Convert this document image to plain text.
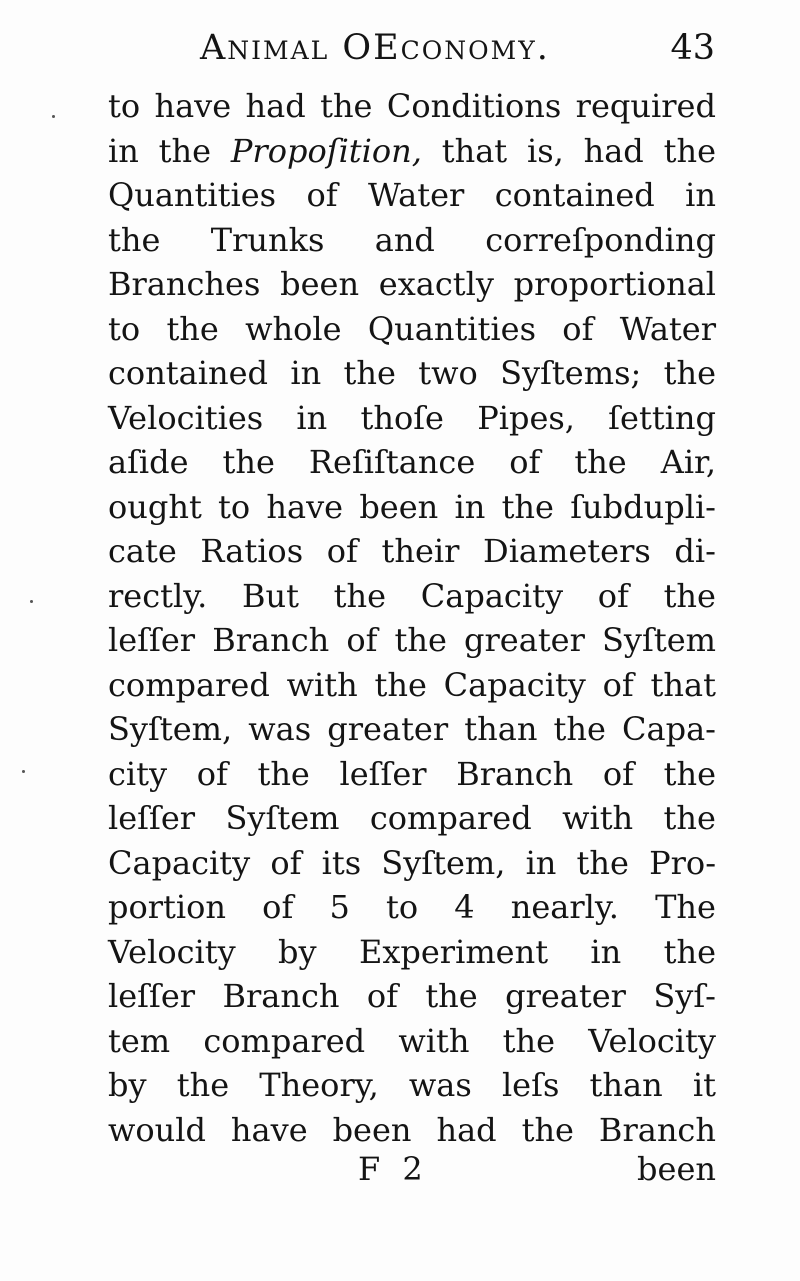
Animal OEconomy.	43
to have had the Conditions required
in the Propoſition, that is, had the
Quantities of Water contained in
the Trunks and correſponding
Branches been exactly proportional
to the whole Quantities of Water
contained in the two Syſtems; the
Velocities in thoſe Pipes, ſetting
aſide the Reſiſtance of the Air,
ought to have been in the ſubdupli-
cate Ratios of their Diameters di-
rectly. But the Capacity of the
leſſer Branch of the greater Syſtem
compared with the Capacity of that
Syſtem, was greater than the Capa-
city of the leſſer Branch of the
leſſer Syſtem compared with the
Capacity of its Syſtem, in the Pro-
portion of 5 to 4 nearly. The
Velocity by Experiment in the
leſſer Branch of the greater Syſ-
tem compared with the Velocity
by the Theory, was leſs than it
would have been had the Branch
F 2	been
